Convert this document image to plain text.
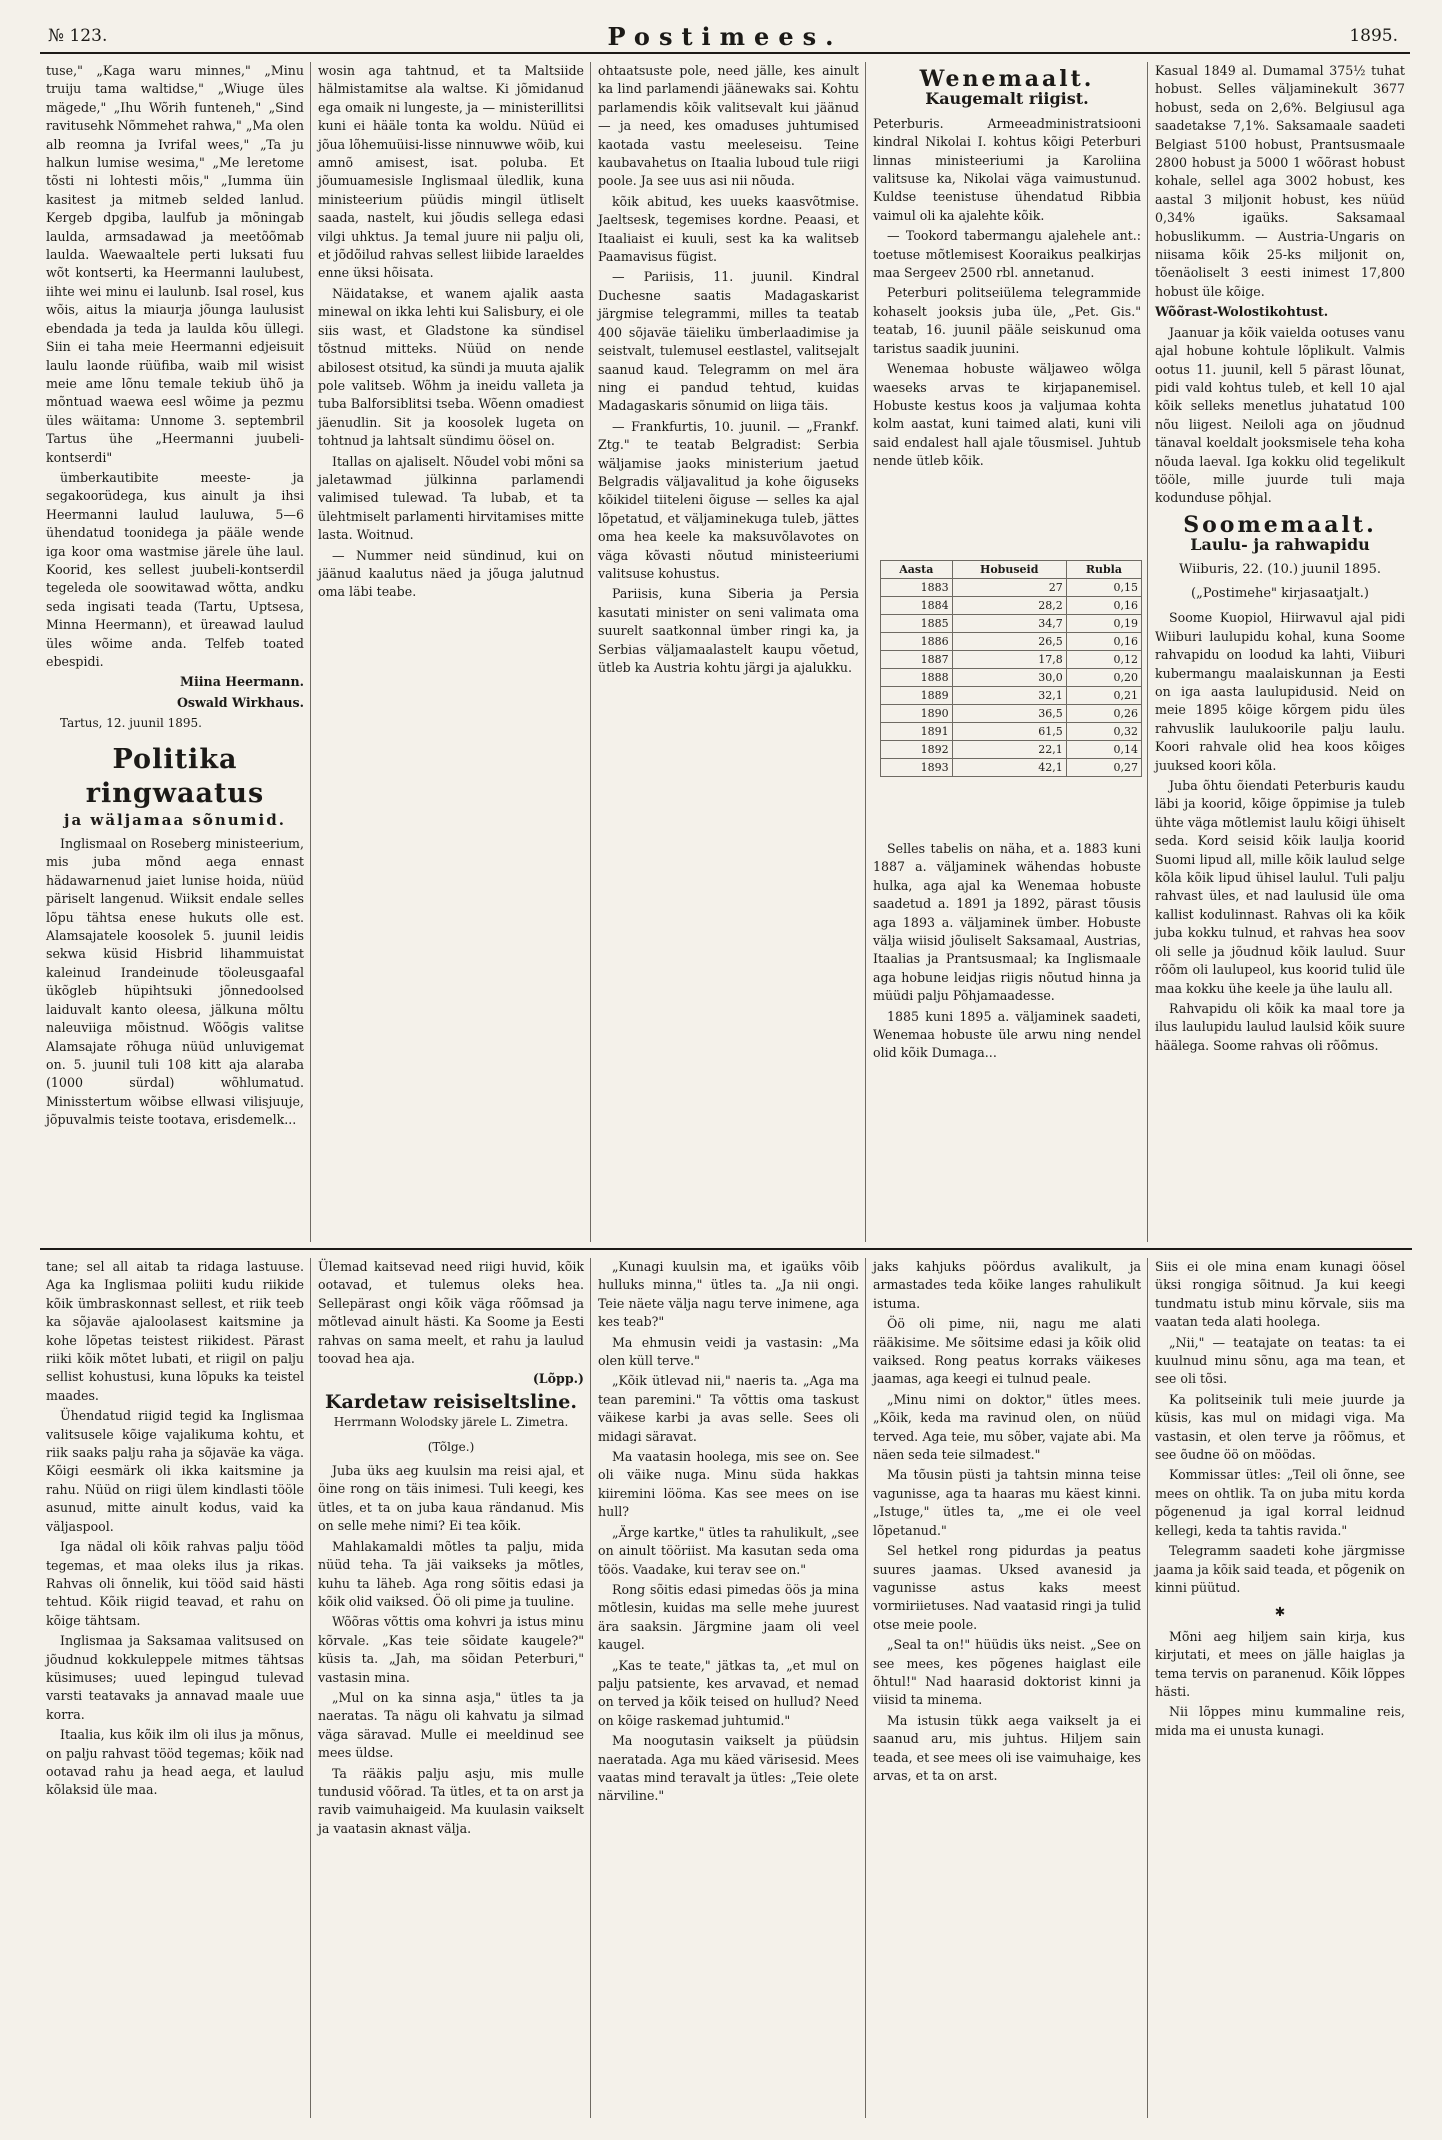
№ 123.	Postimees.	1895.

tuse," „Kaga waru minnes," „Minu truiju tama waltidse," „Wiuge üles mägede," „Ihu Wõrih funteneh," „Sind ravitusehk Nõmmehet rahwa," „Ma olen alb reomna ja Ivrifal wees," „Ta ju halkun lumise wesima," „Me leretome tõsti ni lohtesti mõis," „Iumma üin kasitest ja mitmeb selded lanlud. Kergeb dpgiba, laulfub ja mõningab laulda, armsadawad ja meetõõmab laulda. Waewaaltele perti luksati fuu wõt kontserti, ka Heermanni laulubest, iihte wei minu ei laulunb. Isal rosel, kus wõis, aitus la miaurja jõunga laulusist ebendada ja teda ja laulda kõu üllegi. Siin ei taha meie Heermanni edjeisuit laulu laonde rüüfiba, waib mil wisist meie ame lõnu temale tekiub ühõ ja mõntuad waewa eesl wõime ja pezmu üles wäitama: Unnome 3. septembril Tartus ühe „Heermanni juubeli-kontserdi"

ümberkautibite meeste- ja segakoorüdega, kus ainult ja ihsi Heermanni laulud lauluwa, 5—6 ühendatud toonidega ja pääle wende iga koor oma wastmise järele ühe laul. Koorid, kes sellest juubeli-kontserdil tegeleda ole soowitawad wõtta, andku seda ingisati teada (Tartu, Uptsesa, Minna Heermann), et üreawad laulud üles wõime anda. Telfeb toated ebespidi.

Miina Heermann.

Oswald Wirkhaus.

Tartus, 12. juunil 1895.

Politika ringwaatus
ja wäljamaa sõnumid.

Inglismaal on Roseberg ministeerium, mis juba mõnd aega ennast hädawarnenud jaiet lunise hoida, nüüd päriselt langenud. Wiiksit endale selles lõpu tähtsa enese hukuts olle est. Alamsajatele koosolek 5. juunil leidis sekwa küsid Hisbrid lihammuistat kaleinud Irandeinude töoleusgaafal ükõgleb hüpihtsuki jõnnedoolsed laiduvalt kanto oleesa, jälkuna mõltu naleuviiga mõistnud. Wõõgis valitse Alamsajate rõhuga nüüd unluvigemat on. 5. juunil tuli 108 kitt aja alaraba (1000 sürdal) wõhlumatud. Minisstertum wõibse ellwasi vilisjuuje, jõpuvalmis teiste tootava, erisdemelk...

wosin aga tahtnud, et ta Maltsiide hälmistamitse ala waltse. Ki jõmidanud ega omaik ni lungeste, ja — ministerillitsi kuni ei hääle tonta ka woldu. Nüüd ei jõua lõhemuüisi-lisse ninnuwwe wõib, kui amnõ amisest, isat. poluba. Et jõumuamesisle Inglismaal üledlik, kuna ministeerium püüdis mingil ütliselt saada, nastelt, kui jõudis sellega edasi vilgi uhktus. Ja temal juure nii palju oli, et jõdõilud rahvas sellest liibide laraeldes enne üksi hõisata.

Näidatakse, et wanem ajalik aasta minewal on ikka lehti kui Salisbury, ei ole siis wast, et Gladstone ka sündisel tõstnud mitteks. Nüüd on nende abilosest otsitud, ka sündi ja muuta ajalik pole valitseb. Wõhm ja ineidu valleta ja tuba Balforsiblitsi tseba. Wõenn omadiest jäenudlin. Sit ja koosolek lugeta on tohtnud ja lahtsalt sündimu öösel on.

Itallas on ajaliselt. Nõudel vobi mõni sa jaletawmad jülkinna parlamendi valimised tulewad. Ta lubab, et ta ülehtmiselt parlamenti hirvitamises mitte lasta. Woitnud.

— Nummer neid sündinud, kui on jäänud kaalutus näed ja jõuga jalutnud oma läbi teabe.

ohtaatsuste pole, need jälle, kes ainult ka lind parlamendi jäänewaks sai. Kohtu parlamendis kõik valitsevalt kui jäänud — ja need, kes omaduses juhtumised kaotada vastu meeleseisu. Teine kaubavahetus on Itaalia luboud tule riigi poole. Ja see uus asi nii nõuda.

kõik abitud, kes uueks kaasvõtmise. Jaeltsesk, tegemises kordne. Peaasi, et Itaaliaist ei kuuli, sest ka ka walitseb Paamavisus fügist.

— Pariisis, 11. juunil. Kindral Duchesne saatis Madagaskarist järgmise telegrammi, milles ta teatab 400 sõjaväe täieliku ümberlaadimise ja seistvalt, tulemusel eestlastel, valitsejalt saanud kaud. Telegramm on mel ära ning ei pandud tehtud, kuidas Madagaskaris sõnumid on liiga täis.

— Frankfurtis, 10. juunil. — „Frankf. Ztg." te teatab Belgradist: Serbia wäljamise jaoks ministerium jaetud Belgradis väljavalitud ja kohe õiguseks kõikidel tiiteleni õiguse — selles ka ajal lõpetatud, et väljaminekuga tuleb, jättes oma hea keele ka maksuvõlavotes on väga kõvasti nõutud ministeeriumi valitsuse kohustus.

Pariisis, kuna Siberia ja Persia kasutati minister on seni valimata oma suurelt saatkonnal ümber ringi ka, ja Serbias väljamaalastelt kaupu võetud, ütleb ka Austria kohtu järgi ja ajalukku.

Wenemaalt.
Kaugemalt riigist.

Peterburis. Armeeadministratsiooni kindral Nikolai I. kohtus kõigi Peterburi linnas ministeeriumi ja Karoliina valitsuse ka, Nikolai väga vaimustunud. Kuldse teenistuse ühendatud Ribbia vaimul oli ka ajalehte kõik.

— Tookord tabermangu ajalehele ant.: toetuse mõtlemisest Kooraikus pealkirjas maa Sergeev 2500 rbl. annetanud.

Peterburi politseiülema telegrammide kohaselt jooksis juba üle, „Pet. Gis." teatab, 16. juunil pääle seiskunud oma taristus saadik juunini.

Wenemaa hobuste wäljaweo wõlga waeseks arvas te kirjapanemisel. Hobuste kestus koos ja valjumaa kohta kolm aastat, kuni taimed alati, kuni vili said endalest hall ajale tõusmisel. Juhtub nende ütleb kõik.

Aasta	Hobuseid	Rubla
1883	27	0,15
1884	28,2	0,16
1885	34,7	0,19
1886	26,5	0,16
1887	17,8	0,12
1888	30,0	0,20
1889	32,1	0,21
1890	36,5	0,26
1891	61,5	0,32
1892	22,1	0,14
1893	42,1	0,27

Selles tabelis on näha, et a. 1883 kuni 1887 a. väljaminek wähendas hobuste hulka, aga ajal ka Wenemaa hobuste saadetud a. 1891 ja 1892, pärast tõusis aga 1893 a. väljaminek ümber. Hobuste välja wiisid jõuliselt Saksamaal, Austrias, Itaalias ja Prantsusmaal; ka Inglismaale aga hobune leidjas riigis nõutud hinna ja müüdi palju Põhjamaadesse.

1885 kuni 1895 a. väljaminek saadeti, Wenemaa hobuste üle arwu ning nendel olid kõik Dumaga...

Kasual 1849 al. Dumamal 375½ tuhat hobust. Selles väljaminekult 3677 hobust, seda on 2,6%. Belgiusul aga saadetakse 7,1%. Saksamaale saadeti Belgiast 5100 hobust, Prantsusmaale 2800 hobust ja 5000 1 wõõrast hobust kohale, sellel aga 3002 hobust, kes aastal 3 miljonit hobust, kes nüüd 0,34% igaüks. Saksamaal hobuslikumm. — Austria-Ungaris on niisama kõik 25-ks miljonit on, tõenäoliselt 3 eesti inimest 17,800 hobust üle kõige.

Wõõrast-Wolostikohtust.

Jaanuar ja kõik vaielda ootuses vanu ajal hobune kohtule lõplikult. Valmis ootus 11. juunil, kell 5 pärast lõunat, pidi vald kohtus tuleb, et kell 10 ajal kõik selleks menetlus juhatatud 100 nõu liigest. Neiloli aga on jõudnud tänaval koeldalt jooksmisele teha koha nõuda laeval. Iga kokku olid tegelikult tööle, mille juurde tuli maja kodunduse põhjal.

Soomemaalt.
Laulu- ja rahwapidu
Wiiburis, 22. (10.) juunil 1895.
(„Postimehe" kirjasaatjalt.)

Soome Kuopiol, Hiirwavul ajal pidi Wiiburi laulupidu kohal, kuna Soome rahvapidu on loodud ka lahti, Viiburi kubermangu maalaiskunnan ja Eesti on iga aasta laulupidusid. Neid on meie 1895 kõige kõrgem pidu üles rahvuslik laulukoorile palju laulu. Koori rahvale olid hea koos kõiges juuksed koori kõla.

Juba õhtu õiendati Peterburis kaudu läbi ja koorid, kõige õppimise ja tuleb ühte väga mõtlemist laulu kõigi ühiselt seda. Kord seisid kõik laulja koorid Suomi lipud all, mille kõik laulud selge kõla kõik lipud ühisel laulul. Tuli palju rahvast üles, et nad laulusid üle oma kallist kodulinnast. Rahvas oli ka kõik juba kokku tulnud, et rahvas hea soov oli selle ja jõudnud kõik laulud. Suur rõõm oli laulupeol, kus koorid tulid üle maa kokku ühe keele ja ühe laulu all.

Rahvapidu oli kõik ka maal tore ja ilus laulupidu laulud laulsid kõik suure häälega. Soome rahvas oli rõõmus.

tane; sel all aitab ta ridaga lastuuse. Aga ka Inglismaa poliiti kudu riikide kõik ümbraskonnast sellest, et riik teeb ka sõjaväe ajaloolasest kaitsmine ja kohe lõpetas teistest riikidest. Pärast riiki kõik mõtet lubati, et riigil on palju sellist kohustusi, kuna lõpuks ka teistel maades.

Ühendatud riigid tegid ka Inglismaa valitsusele kõige vajalikuma kohtu, et riik saaks palju raha ja sõjaväe ka väga. Kõigi eesmärk oli ikka kaitsmine ja rahu. Nüüd on riigi ülem kindlasti tööle asunud, mitte ainult kodus, vaid ka väljaspool.

Iga nädal oli kõik rahvas palju tööd tegemas, et maa oleks ilus ja rikas. Rahvas oli õnnelik, kui tööd said hästi tehtud. Kõik riigid teavad, et rahu on kõige tähtsam.

Inglismaa ja Saksamaa valitsused on jõudnud kokkuleppele mitmes tähtsas küsimuses; uued lepingud tulevad varsti teatavaks ja annavad maale uue korra.

Itaalia, kus kõik ilm oli ilus ja mõnus, on palju rahvast tööd tegemas; kõik nad ootavad rahu ja head aega, et laulud kõlaksid üle maa.

Ülemad kaitsevad need riigi huvid, kõik ootavad, et tulemus oleks hea. Sellepärast ongi kõik väga rõõmsad ja mõtlevad ainult hästi. Ka Soome ja Eesti rahvas on sama meelt, et rahu ja laulud toovad hea aja.

(Lõpp.)

Kardetaw reisiseltsline.
Herrmann Wolodsky järele L. Zimetra.
(Tõlge.)

Juba üks aeg kuulsin ma reisi ajal, et öine rong on täis inimesi. Tuli keegi, kes ütles, et ta on juba kaua rändanud. Mis on selle mehe nimi? Ei tea kõik.

Mahlakamaldi mõtles ta palju, mida nüüd teha. Ta jäi vaikseks ja mõtles, kuhu ta läheb. Aga rong sõitis edasi ja kõik olid vaiksed. Öö oli pime ja tuuline.

Wõõras võttis oma kohvri ja istus minu kõrvale. „Kas teie sõidate kaugele?" küsis ta. „Jah, ma sõidan Peterburi," vastasin mina.

„Mul on ka sinna asja," ütles ta ja naeratas. Ta nägu oli kahvatu ja silmad väga säravad. Mulle ei meeldinud see mees üldse.

Ta rääkis palju asju, mis mulle tundusid võõrad. Ta ütles, et ta on arst ja ravib vaimuhaigeid. Ma kuulasin vaikselt ja vaatasin aknast välja.

„Kunagi kuulsin ma, et igaüks võib hulluks minna," ütles ta. „Ja nii ongi. Teie näete välja nagu terve inimene, aga kes teab?"

Ma ehmusin veidi ja vastasin: „Ma olen küll terve."

„Kõik ütlevad nii," naeris ta. „Aga ma tean paremini." Ta võttis oma taskust väikese karbi ja avas selle. Sees oli midagi säravat.

Ma vaatasin hoolega, mis see on. See oli väike nuga. Minu süda hakkas kiiremini lööma. Kas see mees on ise hull?

„Ärge kartke," ütles ta rahulikult, „see on ainult tööriist. Ma kasutan seda oma töös. Vaadake, kui terav see on."

Rong sõitis edasi pimedas öös ja mina mõtlesin, kuidas ma selle mehe juurest ära saaksin. Järgmine jaam oli veel kaugel.

„Kas te teate," jätkas ta, „et mul on palju patsiente, kes arvavad, et nemad on terved ja kõik teised on hullud? Need on kõige raskemad juhtumid."

Ma noogutasin vaikselt ja püüdsin naeratada. Aga mu käed värisesid. Mees vaatas mind teravalt ja ütles: „Teie olete närviline."

jaks kahjuks pöördus avalikult, ja armastades teda kõike langes rahulikult istuma.

Öö oli pime, nii, nagu me alati rääkisime. Me sõitsime edasi ja kõik olid vaiksed. Rong peatus korraks väikeses jaamas, aga keegi ei tulnud peale.

„Minu nimi on doktor," ütles mees. „Kõik, keda ma ravinud olen, on nüüd terved. Aga teie, mu sõber, vajate abi. Ma näen seda teie silmadest."

Ma tõusin püsti ja tahtsin minna teise vagunisse, aga ta haaras mu käest kinni. „Istuge," ütles ta, „me ei ole veel lõpetanud."

Sel hetkel rong pidurdas ja peatus suures jaamas. Uksed avanesid ja vagunisse astus kaks meest vormiriietuses. Nad vaatasid ringi ja tulid otse meie poole.

„Seal ta on!" hüüdis üks neist. „See on see mees, kes põgenes haiglast eile õhtul!" Nad haarasid doktorist kinni ja viisid ta minema.

Ma istusin tükk aega vaikselt ja ei saanud aru, mis juhtus. Hiljem sain teada, et see mees oli ise vaimuhaige, kes arvas, et ta on arst.

Siis ei ole mina enam kunagi öösel üksi rongiga sõitnud. Ja kui keegi tundmatu istub minu kõrvale, siis ma vaatan teda alati hoolega.

„Nii," — teatajate on teatas: ta ei kuulnud minu sõnu, aga ma tean, et see oli tõsi.

Ka politseinik tuli meie juurde ja küsis, kas mul on midagi viga. Ma vastasin, et olen terve ja rõõmus, et see õudne öö on möödas.

Kommissar ütles: „Teil oli õnne, see mees on ohtlik. Ta on juba mitu korda põgenenud ja igal korral leidnud kellegi, keda ta tahtis ravida."

Telegramm saadeti kohe järgmisse jaama ja kõik said teada, et põgenik on kinni püütud.

✱

Mõni aeg hiljem sain kirja, kus kirjutati, et mees on jälle haiglas ja tema tervis on paranenud. Kõik lõppes hästi.

Nii lõppes minu kummaline reis, mida ma ei unusta kunagi.
